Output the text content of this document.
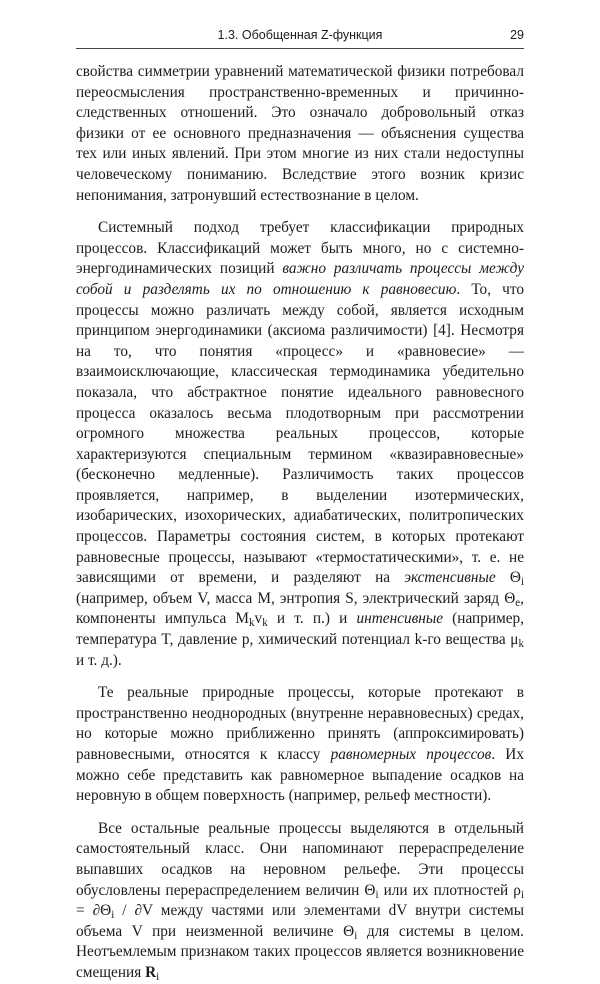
1.3. Обобщенная Z-функция	29

свойства симметрии уравнений математической физики потребовал переосмысления пространственно-временных и причинно-следственных отношений. Это означало добровольный отказ физики от ее основного предназначения — объяснения существа тех или иных явлений. При этом многие из них стали недоступны человеческому пониманию. Вследствие этого возник кризис непонимания, затронувший естествознание в целом.

Системный подход требует классификации природных процессов. Классификаций может быть много, но с системно-энергодинамических позиций важно различать процессы между собой и разделять их по отношению к равновесию. То, что процессы можно различать между собой, является исходным принципом энергодинамики (аксиома различимости) [4]. Несмотря на то, что понятия «процесс» и «равновесие» — взаимоисключающие, классическая термодинамика убедительно показала, что абстрактное понятие идеального равновесного процесса оказалось весьма плодотворным при рассмотрении огромного множества реальных процессов, которые характеризуются специальным термином «квазиравновесные» (бесконечно медленные). Различимость таких процессов проявляется, например, в выделении изотермических, изобарических, изохорических, адиабатических, политропических процессов. Параметры состояния систем, в которых протекают равновесные процессы, называют «термостатическими», т. е. не зависящими от времени, и разделяют на экстенсивные $\Theta_i$ (например, объем V, масса M, энтропия S, электрический заряд $\Theta_e$, компоненты импульса $M_kv_k$ и т. п.) и интенсивные (например, температура T, давление p, химический потенциал k-го вещества $\mu_k$ и т. д.).

Те реальные природные процессы, которые протекают в пространственно неоднородных (внутренне неравновесных) средах, но которые можно приближенно принять (аппроксимировать) равновесными, относятся к классу равномерных процессов. Их можно себе представить как равномерное выпадение осадков на неровную в общем поверхность (например, рельеф местности).

Все остальные реальные процессы выделяются в отдельный самостоятельный класс. Они напоминают перераспределение выпавших осадков на неровном рельефе. Эти процессы обусловлены перераспределением величин $\Theta_i$ или их плотностей $\rho_i = \partial\Theta_i / \partial V$ между частями или элементами dV внутри системы объема V при неизменной величине $\Theta_i$ для системы в целом. Неотъемлемым признаком таких процессов является возникновение смещения $R_i$
